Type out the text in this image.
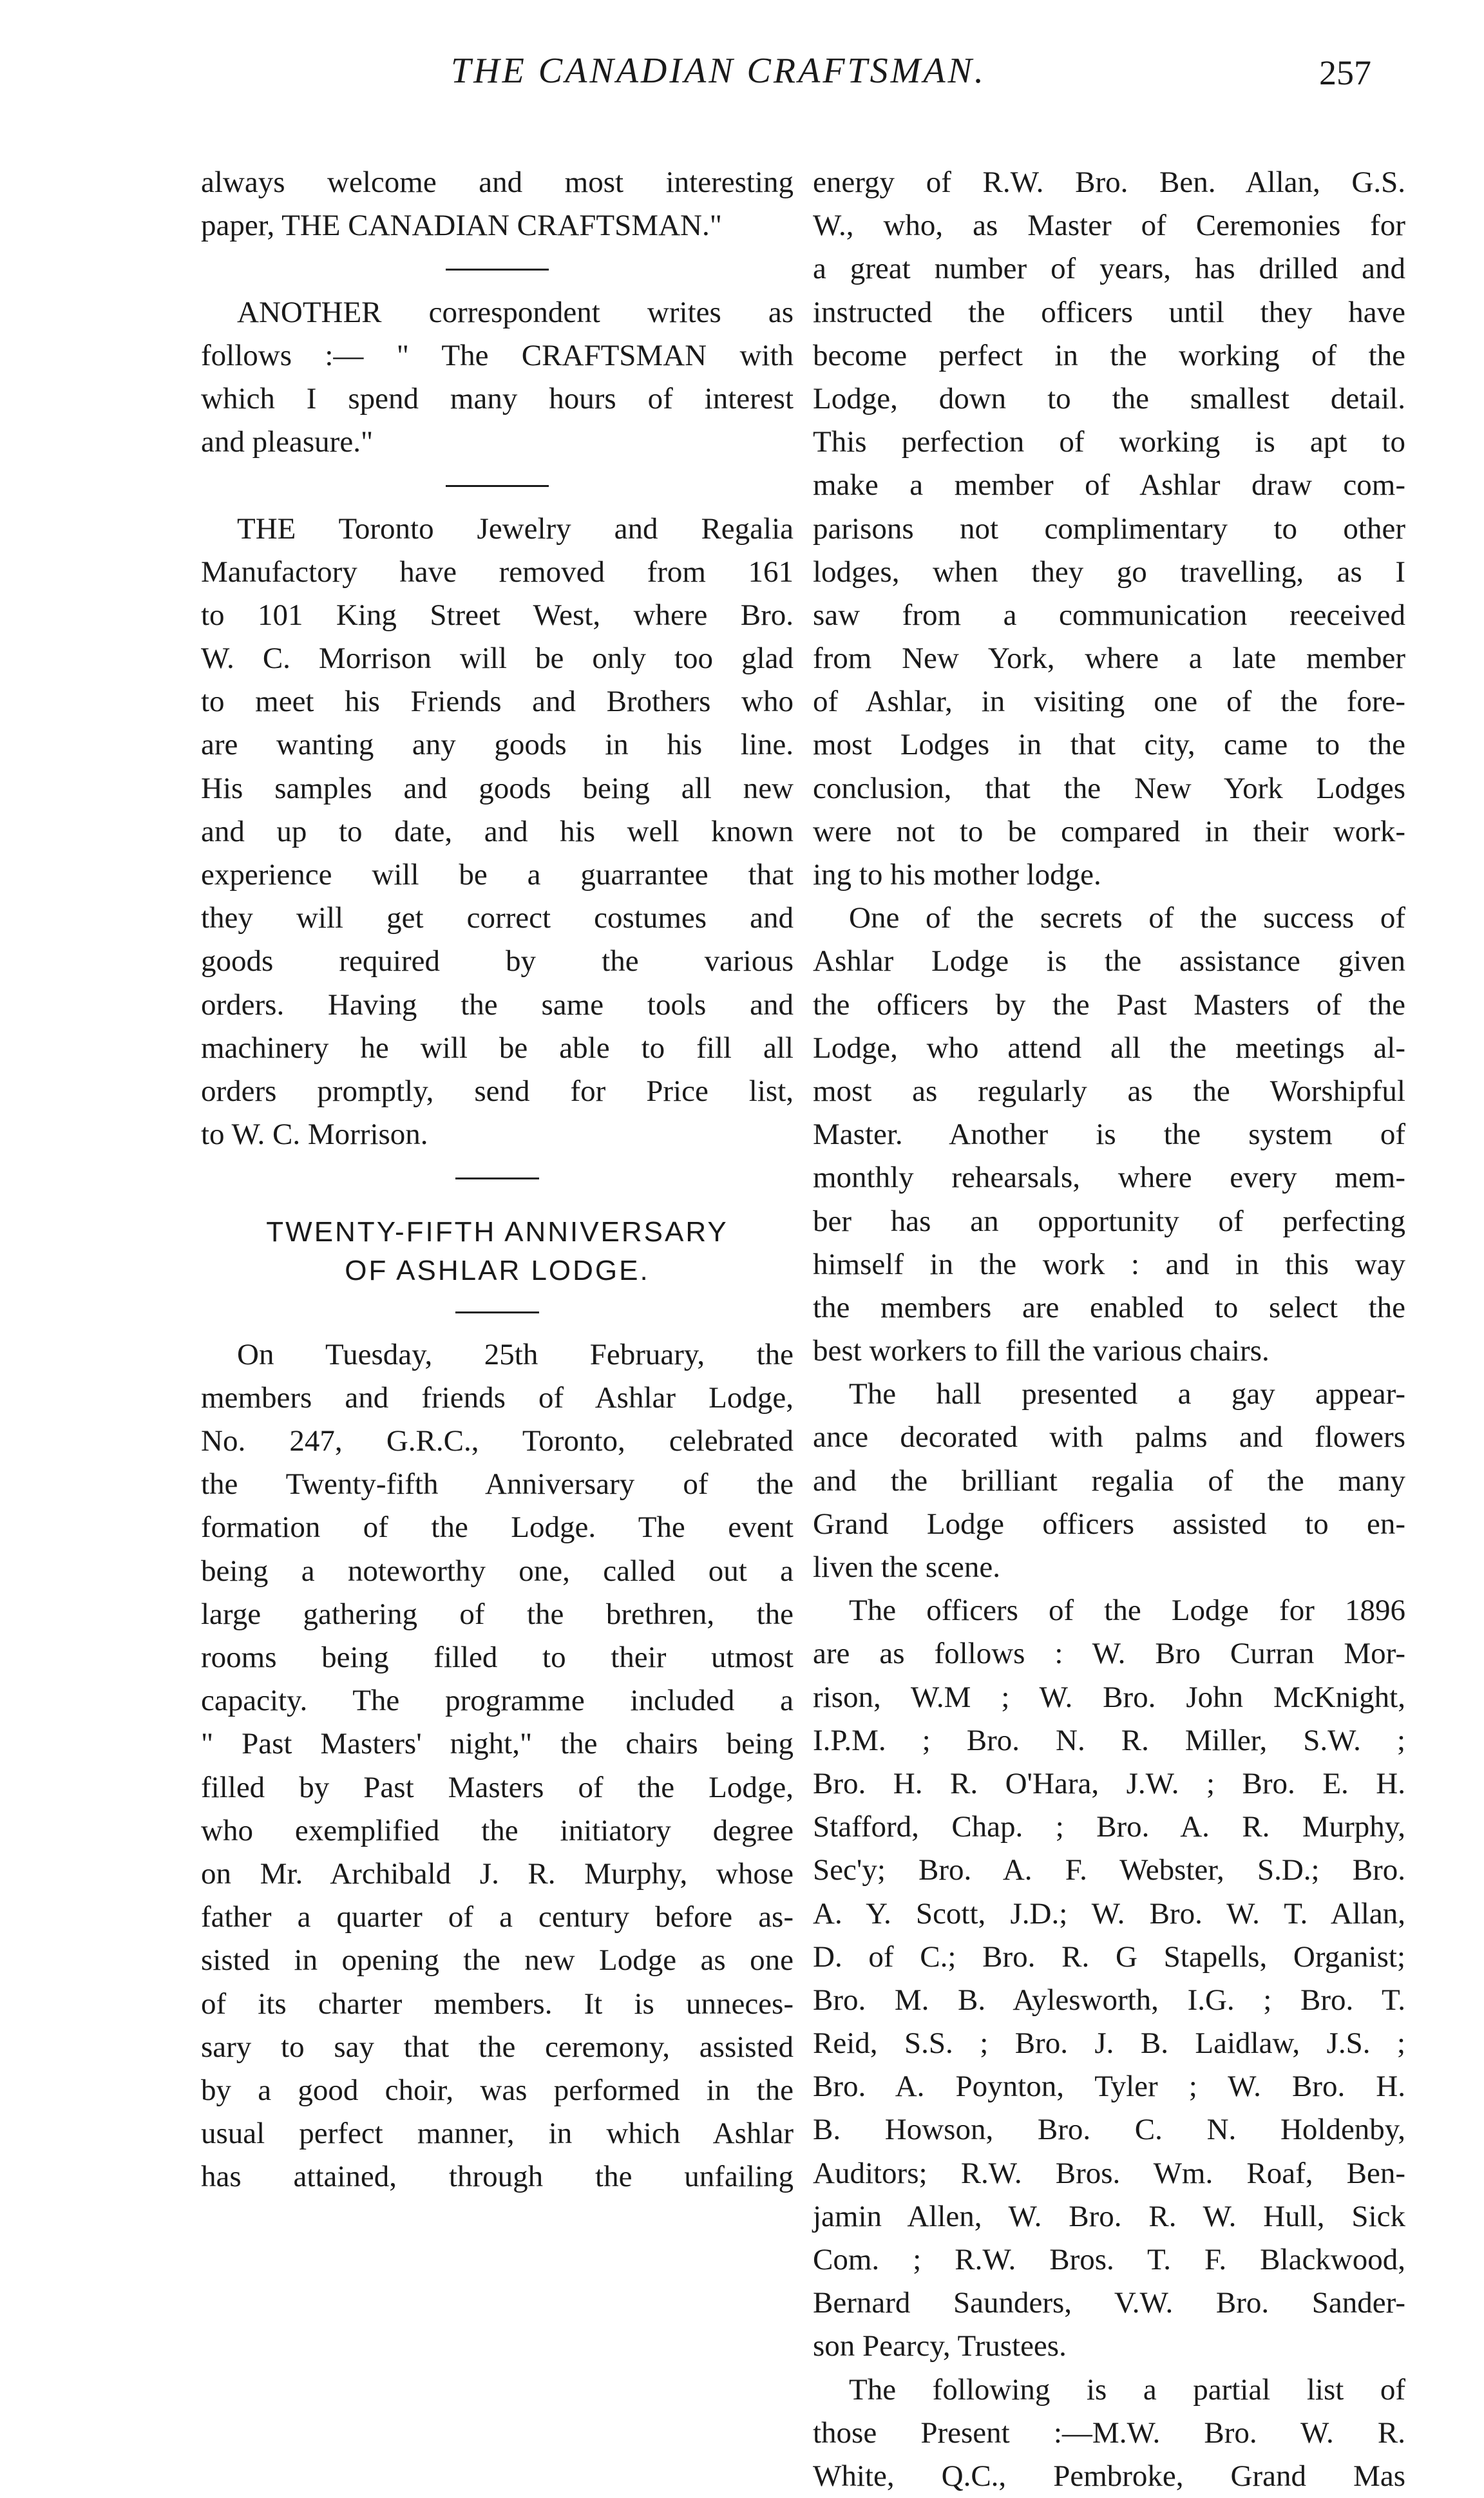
THE CANADIAN CRAFTSMAN.	257
always welcome and most interesting
paper, THE CANADIAN CRAFTSMAN."
ANOTHER correspondent writes as
follows :— " The CRAFTSMAN with
which I spend many hours of interest
and pleasure."
THE Toronto Jewelry and Regalia
Manufactory have removed from 161
to 101 King Street West, where Bro.
W. C. Morrison will be only too glad
to meet his Friends and Brothers who
are wanting any goods in his line.
His samples and goods being all new
and up to date, and his well known
experience will be a guarrantee that
they will get correct costumes and
goods required by the various
orders. Having the same tools and
machinery he will be able to fill all
orders promptly, send for Price list,
to W. C. Morrison.
TWENTY-FIFTH ANNIVERSARY
OF ASHLAR LODGE.
On Tuesday, 25th February, the
members and friends of Ashlar Lodge,
No. 247, G.R.C., Toronto, celebrated
the Twenty-fifth Anniversary of the
formation of the Lodge. The event
being a noteworthy one, called out a
large gathering of the brethren, the
rooms being filled to their utmost
capacity. The programme included a
" Past Masters' night," the chairs being
filled by Past Masters of the Lodge,
who exemplified the initiatory degree
on Mr. Archibald J. R. Murphy, whose
father a quarter of a century before as-
sisted in opening the new Lodge as one
of its charter members. It is unneces-
sary to say that the ceremony, assisted
by a good choir, was performed in the
usual perfect manner, in which Ashlar
has attained, through the unfailing
energy of R.W. Bro. Ben. Allan, G.S.
W., who, as Master of Ceremonies for
a great number of years, has drilled and
instructed the officers until they have
become perfect in the working of the
Lodge, down to the smallest detail.
This perfection of working is apt to
make a member of Ashlar draw com-
parisons not complimentary to other
lodges, when they go travelling, as I
saw from a communication reeceived
from New York, where a late member
of Ashlar, in visiting one of the fore-
most Lodges in that city, came to the
conclusion, that the New York Lodges
were not to be compared in their work-
ing to his mother lodge.
One of the secrets of the success of
Ashlar Lodge is the assistance given
the officers by the Past Masters of the
Lodge, who attend all the meetings al-
most as regularly as the Worshipful
Master. Another is the system of
monthly rehearsals, where every mem-
ber has an opportunity of perfecting
himself in the work : and in this way
the members are enabled to select the
best workers to fill the various chairs.
The hall presented a gay appear-
ance decorated with palms and flowers
and the brilliant regalia of the many
Grand Lodge officers assisted to en-
liven the scene.
The officers of the Lodge for 1896
are as follows : W. Bro Curran Mor-
rison, W.M ; W. Bro. John McKnight,
I.P.M. ; Bro. N. R. Miller, S.W. ;
Bro. H. R. O'Hara, J.W. ; Bro. E. H.
Stafford, Chap. ; Bro. A. R. Murphy,
Sec'y; Bro. A. F. Webster, S.D.; Bro.
A. Y. Scott, J.D.; W. Bro. W. T. Allan,
D. of C.; Bro. R. G Stapells, Organist;
Bro. M. B. Aylesworth, I.G. ; Bro. T.
Reid, S.S. ; Bro. J. B. Laidlaw, J.S. ;
Bro. A. Poynton, Tyler ; W. Bro. H.
B. Howson, Bro. C. N. Holdenby,
Auditors; R.W. Bros. Wm. Roaf, Ben-
jamin Allen, W. Bro. R. W. Hull, Sick
Com. ; R.W. Bros. T. F. Blackwood,
Bernard Saunders, V.W. Bro. Sander-
son Pearcy, Trustees.
The following is a partial list of
those Present :—M.W. Bro. W. R.
White, Q.C., Pembroke, Grand Mas
